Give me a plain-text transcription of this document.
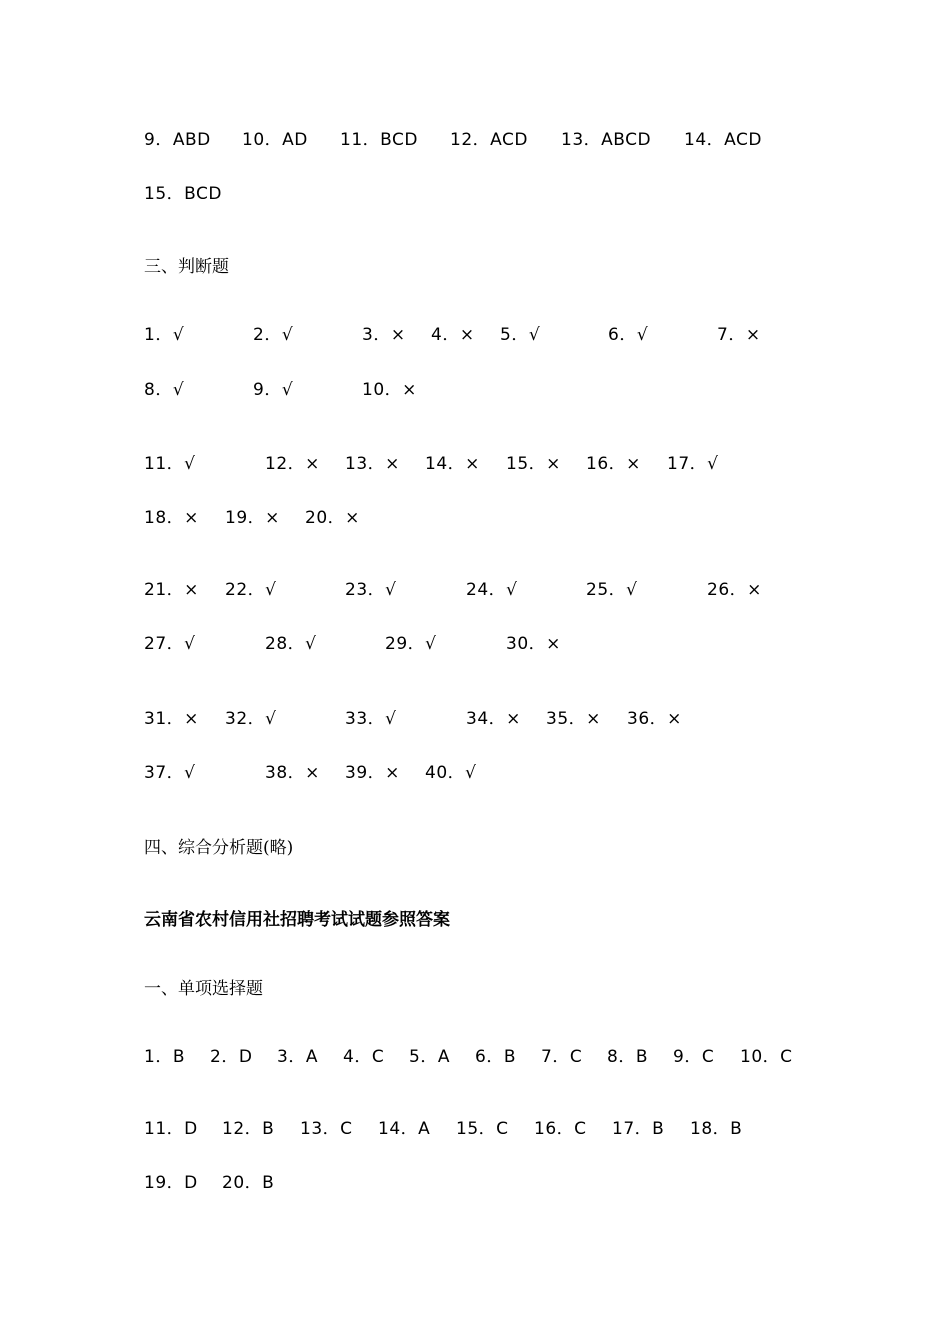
9．ABD 10．AD 11．BCD 12．ACD 13．ABCD 14．ACD
15．BCD
三、判断题
1．√	2．√	3．× 4．× 5．√	6．√	7．×
8．√	9．√	10．×
11．√	12．× 13．× 14．× 15．× 16．× 17．√
18．× 19．× 20．×
21．× 22．√	23．√	24．√	25．√	26．×
27．√	28．√	29．√	30．×
31．× 32．√	33．√	34．× 35．× 36．×
37．√	38．× 39．× 40．√
四、综合分析题(略)
云南省农村信用社招聘考试试题参照答案
一、单项选择题
1．B 2．D 3．A 4．C 5．A 6．B 7．C 8．B 9．C 10．C
11．D 12．B 13．C 14．A 15．C 16．C 17．B 18．B
19．D 20．B
